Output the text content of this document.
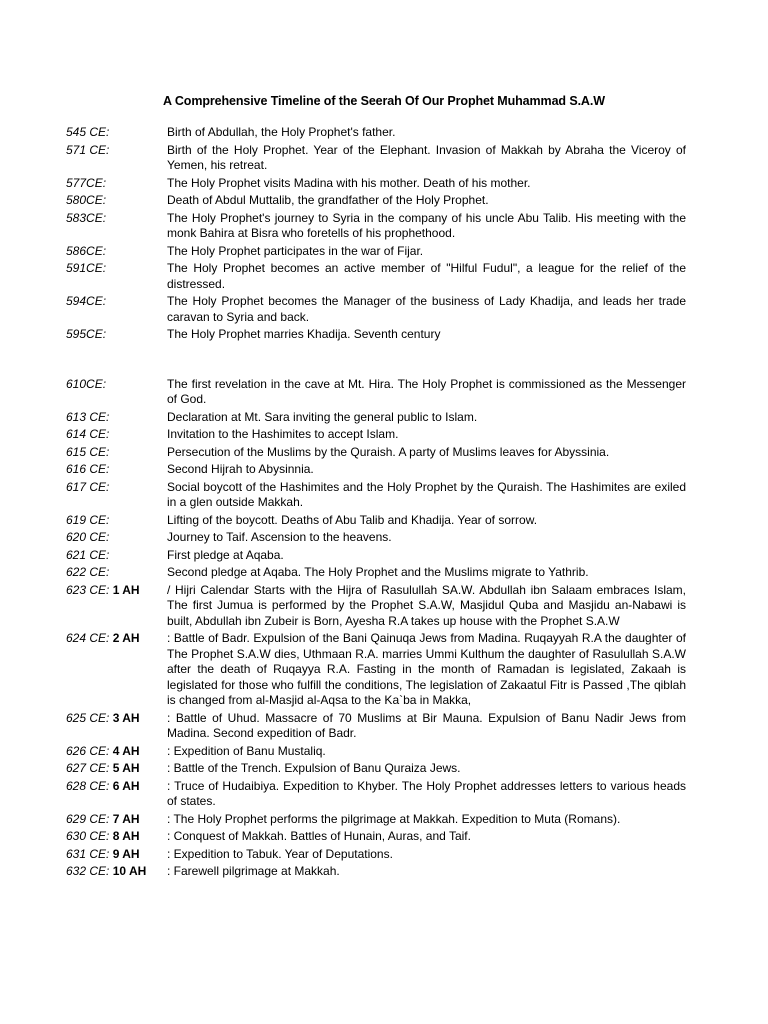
A Comprehensive Timeline of the Seerah Of Our Prophet Muhammad S.A.W
545 CE:	Birth of Abdullah, the Holy Prophet's father.
571 CE:	Birth of the Holy Prophet. Year of the Elephant. Invasion of Makkah by Abraha the Viceroy of Yemen, his retreat.
577CE:	The Holy Prophet visits Madina with his mother. Death of his mother.
580CE:	Death of Abdul Muttalib, the grandfather of the Holy Prophet.
583CE:	The Holy Prophet's journey to Syria in the company of his uncle Abu Talib. His meeting with the monk Bahira at Bisra who foretells of his prophethood.
586CE:	The Holy Prophet participates in the war of Fijar.
591CE:	The Holy Prophet becomes an active member of "Hilful Fudul", a league for the relief of the distressed.
594CE:	The Holy Prophet becomes the Manager of the business of Lady Khadija, and leads her trade caravan to Syria and back.
595CE:	The Holy Prophet marries Khadija. Seventh century
610CE:	The first revelation in the cave at Mt. Hira. The Holy Prophet is commissioned as the Messenger of God.
613 CE:	Declaration at Mt. Sara inviting the general public to Islam.
614 CE:	Invitation to the Hashimites to accept Islam.
615 CE:	Persecution of the Muslims by the Quraish. A party of Muslims leaves for Abyssinia.
616 CE:	Second Hijrah to Abysinnia.
617 CE:	Social boycott of the Hashimites and the Holy Prophet by the Quraish. The Hashimites are exiled in a glen outside Makkah.
619 CE:	Lifting of the boycott. Deaths of Abu Talib and Khadija. Year of sorrow.
620 CE:	Journey to Taif. Ascension to the heavens.
621 CE:	First pledge at Aqaba.
622 CE:	Second pledge at Aqaba. The Holy Prophet and the Muslims migrate to Yathrib.
623 CE: 1 AH	/ Hijri Calendar Starts with the Hijra of Rasulullah SA.W. Abdullah ibn Salaam embraces Islam, The first Jumua is performed by the Prophet S.A.W, Masjidul Quba and Masjidu an-Nabawi is built, Abdullah ibn Zubeir is Born, Ayesha R.A takes up house with the Prophet S.A.W
624 CE: 2 AH	: Battle of Badr. Expulsion of the Bani Qainuqa Jews from Madina. Ruqayyah R.A the daughter of The Prophet S.A.W dies, Uthmaan R.A. marries Ummi Kulthum the daughter of Rasulullah S.A.W after the death of Ruqayya R.A. Fasting in the month of Ramadan is legislated, Zakaah is legislated for those who fulfill the conditions, The legislation of Zakaatul Fitr is Passed ,The qiblah is changed from al-Masjid al-Aqsa to the Ka`ba in Makka,
625 CE: 3 AH	: Battle of Uhud. Massacre of 70 Muslims at Bir Mauna. Expulsion of Banu Nadir Jews from Madina. Second expedition of Badr.
626 CE: 4 AH	: Expedition of Banu Mustaliq.
627 CE: 5 AH	: Battle of the Trench. Expulsion of Banu Quraiza Jews.
628 CE: 6 AH	: Truce of Hudaibiya. Expedition to Khyber. The Holy Prophet addresses letters to various heads of states.
629 CE: 7 AH	: The Holy Prophet performs the pilgrimage at Makkah. Expedition to Muta (Romans).
630 CE: 8 AH	: Conquest of Makkah. Battles of Hunain, Auras, and Taif.
631 CE: 9 AH	: Expedition to Tabuk. Year of Deputations.
632 CE: 10 AH	: Farewell pilgrimage at Makkah.
